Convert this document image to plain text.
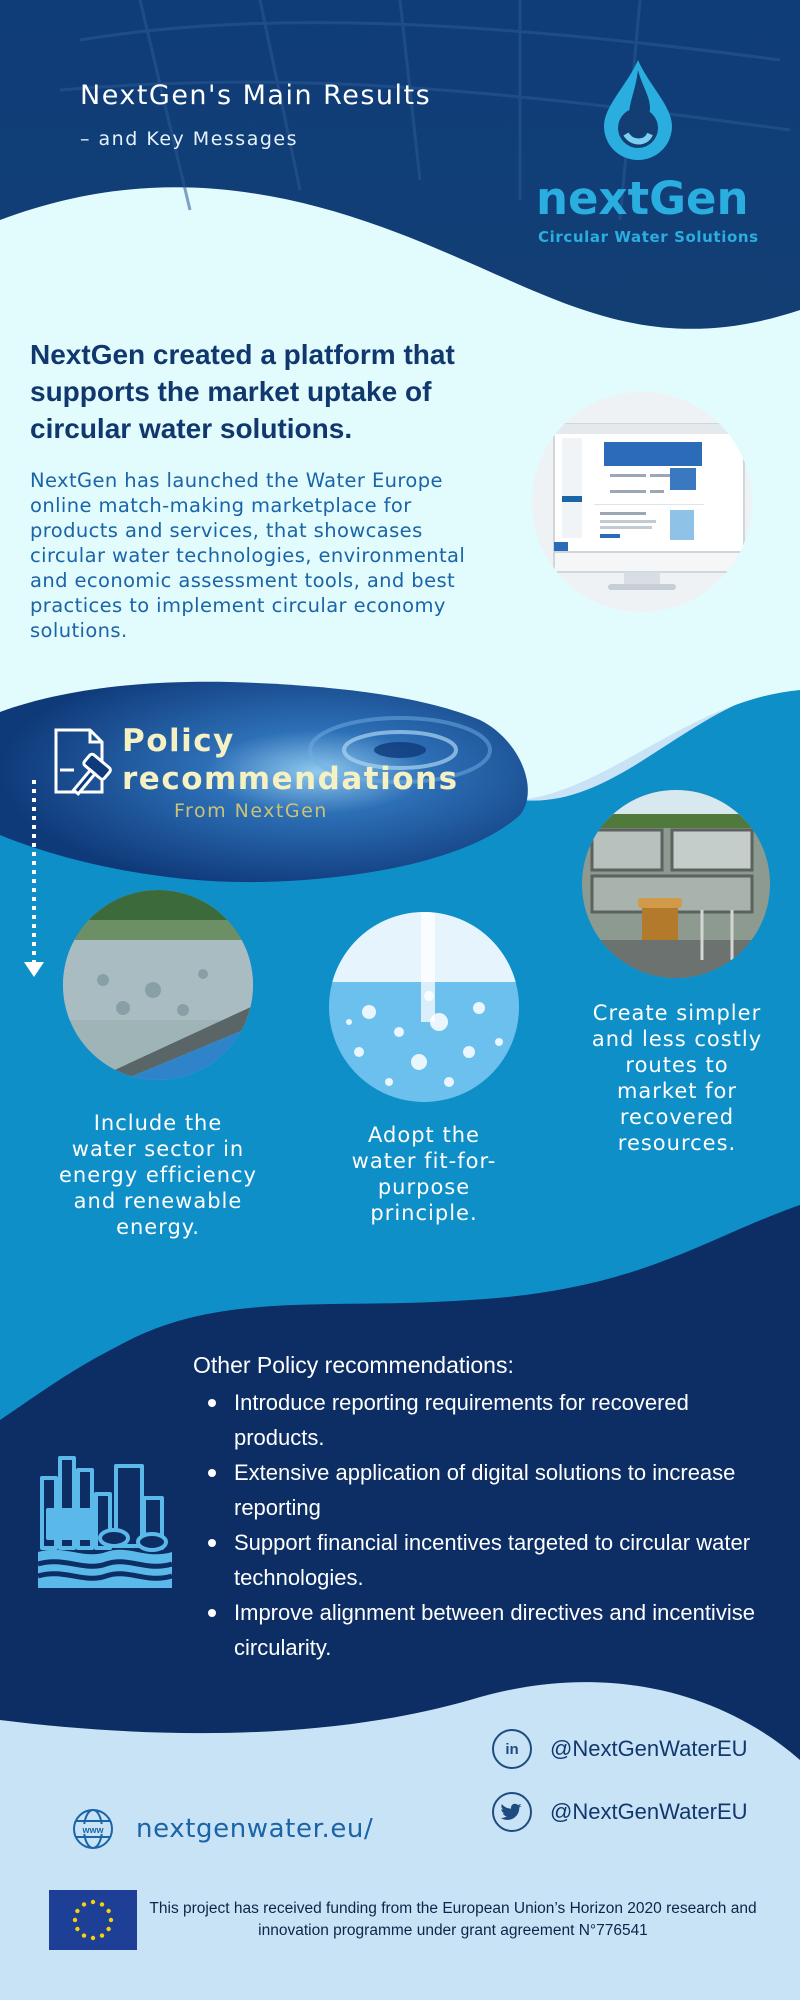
NextGen's Main Results
– and Key Messages
nextGen
Circular Water Solutions
NextGen created a platform that supports the market uptake of circular water solutions.
NextGen has launched the Water Europe online match-making marketplace for products and services, that showcases circular water technologies, environmental and economic assessment tools, and best practices to implement circular economy solutions.
Policy
recommendations
From NextGen
Include the water sector in energy efficiency and renewable energy.
Adopt the water fit-for-purpose principle.
Create simpler and less costly routes to market for recovered resources.
Other Policy recommendations:
Introduce reporting requirements for recovered products.
Extensive application of digital solutions to increase reporting
Support financial incentives targeted to circular water technologies.
Improve alignment between directives and incentivise circularity.
in	@NextGenWaterEU
@NextGenWaterEU
www nextgenwater.eu/
This project has received funding from the European Union’s Horizon 2020 research and innovation programme under grant agreement N°776541
